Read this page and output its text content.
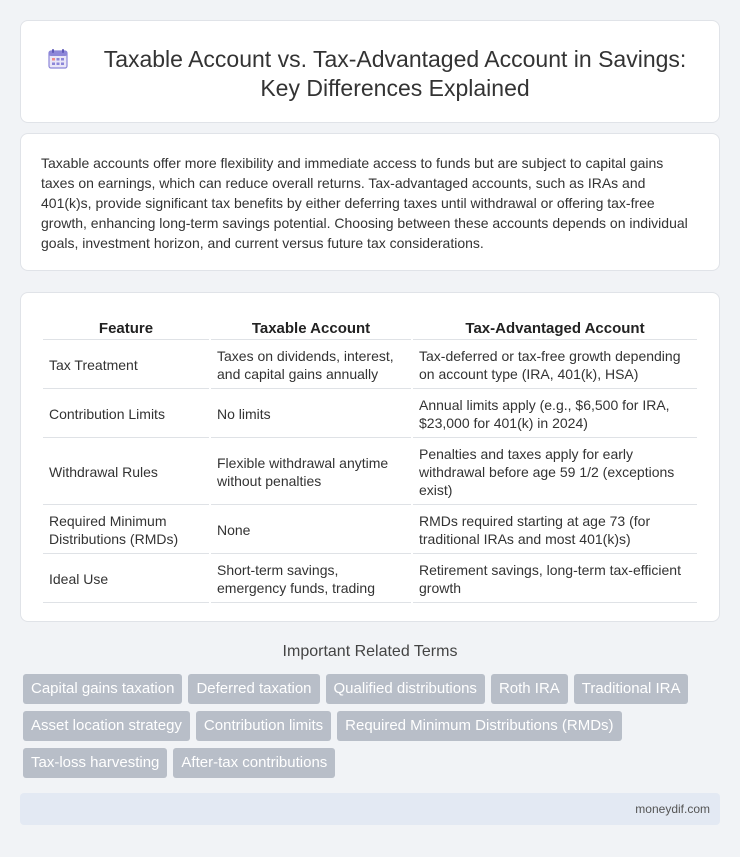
Taxable Account vs. Tax-Advantaged Account in Savings: Key Differences Explained

Taxable accounts offer more flexibility and immediate access to funds but are subject to capital gains taxes on earnings, which can reduce overall returns. Tax-advantaged accounts, such as IRAs and 401(k)s, provide significant tax benefits by either deferring taxes until withdrawal or offering tax-free growth, enhancing long-term savings potential. Choosing between these accounts depends on individual goals, investment horizon, and current versus future tax considerations.

Feature	Taxable Account	Tax-Advantaged Account
Tax Treatment	Taxes on dividends, interest, and capital gains annually	Tax-deferred or tax-free growth depending on account type (IRA, 401(k), HSA)
Contribution Limits	No limits	Annual limits apply (e.g., $6,500 for IRA, $23,000 for 401(k) in 2024)
Withdrawal Rules	Flexible withdrawal anytime without penalties	Penalties and taxes apply for early withdrawal before age 59 1/2 (exceptions exist)
Required Minimum Distributions (RMDs)	None	RMDs required starting at age 73 (for traditional IRAs and most 401(k)s)
Ideal Use	Short-term savings, emergency funds, trading	Retirement savings, long-term tax-efficient growth
Important Related Terms
Capital gains taxation	Deferred taxation	Qualified distributions	Roth IRA	Traditional IRA
Asset location strategy	Contribution limits	Required Minimum Distributions (RMDs)
Tax-loss harvesting	After-tax contributions
moneydif.com
